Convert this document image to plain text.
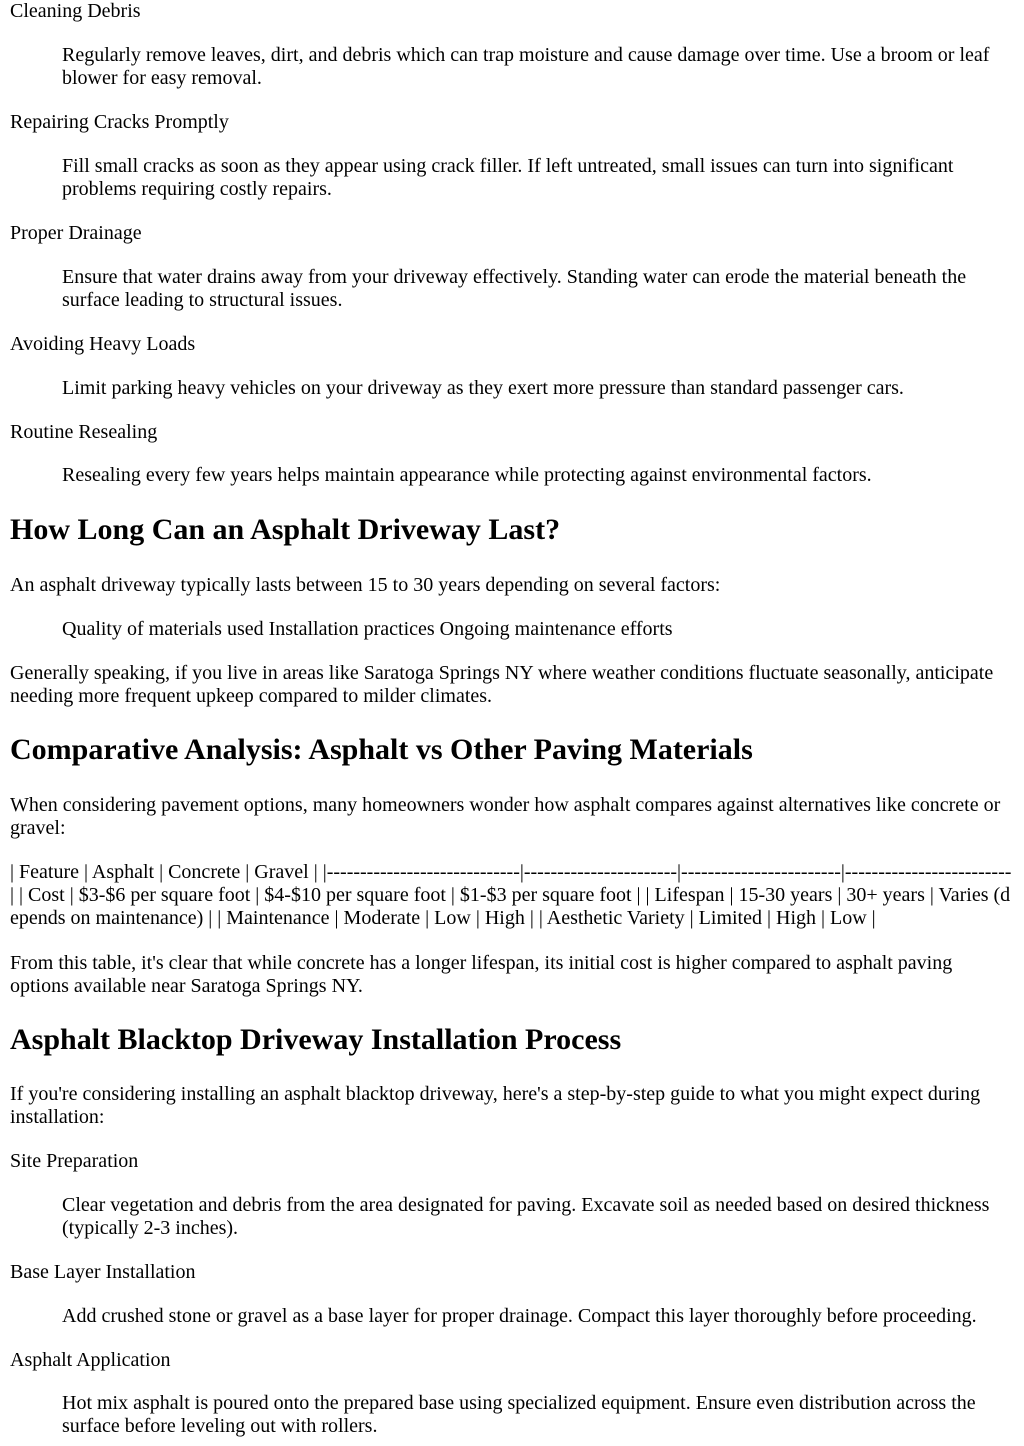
Cleaning Debris
Regularly remove leaves, dirt, and debris which can trap moisture and cause damage over time. Use a broom or leaf blower for easy removal.
Repairing Cracks Promptly
Fill small cracks as soon as they appear using crack filler. If left untreated, small issues can turn into significant problems requiring costly repairs.
Proper Drainage
Ensure that water drains away from your driveway effectively. Standing water can erode the material beneath the surface leading to structural issues.
Avoiding Heavy Loads
Limit parking heavy vehicles on your driveway as they exert more pressure than standard passenger cars.
Routine Resealing
Resealing every few years helps maintain appearance while protecting against environmental factors.
How Long Can an Asphalt Driveway Last?

An asphalt driveway typically lasts between 15 to 30 years depending on several factors:

Quality of materials used Installation practices Ongoing maintenance efforts

Generally speaking, if you live in areas like Saratoga Springs NY where weather conditions fluctuate seasonally, anticipate needing more frequent upkeep compared to milder climates.

Comparative Analysis: Asphalt vs Other Paving Materials

When considering pavement options, many homeowners wonder how asphalt compares against alternatives like concrete or gravel:

| Feature | Asphalt | Concrete | Gravel | |-----------------------------|-----------------------|------------------------|-------------------------| | Cost | $3-$6 per square foot | $4-$10 per square foot | $1-$3 per square foot | | Lifespan | 15-30 years | 30+ years | Varies (depends on maintenance) | | Maintenance | Moderate | Low | High | | Aesthetic Variety | Limited | High | Low |

From this table, it's clear that while concrete has a longer lifespan, its initial cost is higher compared to asphalt paving options available near Saratoga Springs NY.

Asphalt Blacktop Driveway Installation Process

If you're considering installing an asphalt blacktop driveway, here's a step-by-step guide to what you might expect during installation:

Site Preparation
Clear vegetation and debris from the area designated for paving. Excavate soil as needed based on desired thickness (typically 2-3 inches).
Base Layer Installation
Add crushed stone or gravel as a base layer for proper drainage. Compact this layer thoroughly before proceeding.
Asphalt Application
Hot mix asphalt is poured onto the prepared base using specialized equipment. Ensure even distribution across the surface before leveling out with rollers.
